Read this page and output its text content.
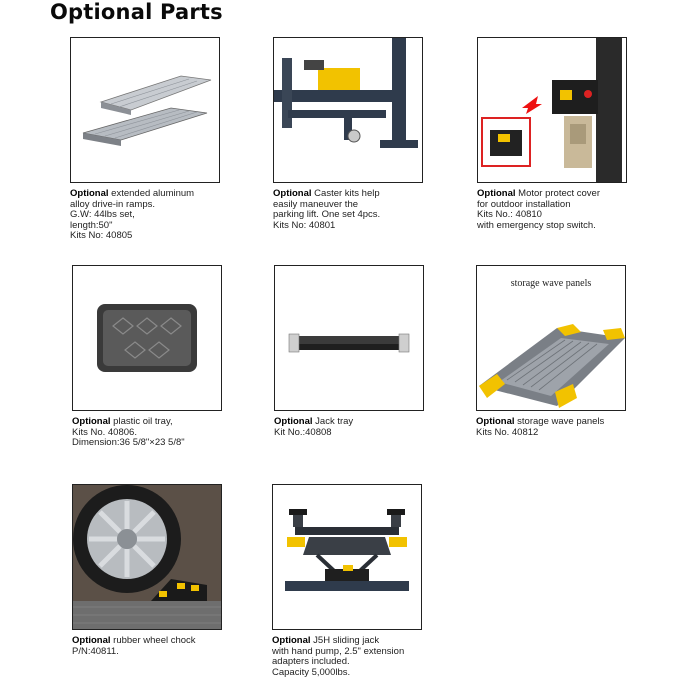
Optional Parts
Optional extended aluminum
alloy drive-in ramps.
G.W: 44lbs set,
length:50"
Kits No: 40805
Optional Caster kits help
easily maneuver the
parking lift. One set 4pcs.
Kits No: 40801
Optional Motor protect cover
for outdoor installation
Kits No.: 40810
with emergency stop switch.
Optional plastic oil tray,
Kits No. 40806.
Dimension:36 5/8"×23 5/8"
Optional Jack tray
Kit No.:40808
storage wave panels
Optional storage wave panels
Kits No. 40812
Optional rubber wheel chock
P/N:40811.
Optional J5H sliding jack
with hand pump, 2.5" extension
adapters included.
Capacity 5,000lbs.
